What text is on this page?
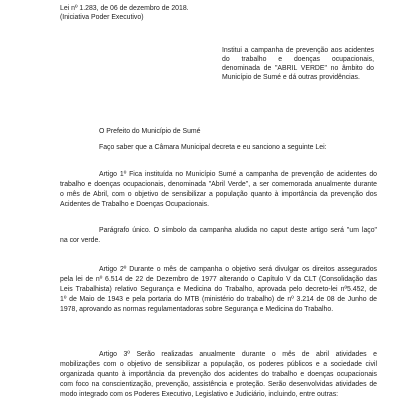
Lei nº 1.283, de 06 de dezembro de 2018.
(Iniciativa Poder Executivo)
Institui a campanha de prevenção aos acidentes
do trabalho e doenças ocupacionais,
denominada de "ABRIL VERDE" no âmbito do
Município de Sumé e dá outras providências.
O Prefeito do Município de Sumé
Faço saber que a Câmara Municipal decreta e eu sanciono a seguinte Lei:
Artigo 1º Fica instituída no Município Sumé a campanha de prevenção de acidentes do
trabalho e doenças ocupacionais, denominada "Abril Verde", a ser comemorada anualmente durante
o mês de Abril, com o objetivo de sensibilizar a população quanto à importância da prevenção dos
Acidentes de Trabalho e Doenças Ocupacionais.
Parágrafo único. O símbolo da campanha aludida no caput deste artigo será "um laço"
na cor verde.
Artigo 2º Durante o mês de campanha o objetivo será divulgar os direitos assegurados
pela lei de nº 6.514 de 22 de Dezembro de 1977 alterando o Capítulo V da CLT (Consolidação das
Leis Trabalhista) relativo Segurança e Medicina do Trabalho, aprovada pelo decreto-lei nº5.452, de
1º de Maio de 1943 e pela portaria do MTB (ministério do trabalho) de nº 3.214 de 08 de Junho de
1978, aprovando as normas regulamentadoras sobre Segurança e Medicina do Trabalho.
Artigo 3º Serão realizadas anualmente durante o mês de abril atividades e
mobilizações com o objetivo de sensibilizar a população, os poderes públicos e a sociedade civil
organizada quanto à importância da prevenção dos acidentes do trabalho e doenças ocupacionais
com foco na conscientização, prevenção, assistência e proteção. Serão desenvolvidas atividades de
modo integrado com os Poderes Executivo, Legislativo e Judiciário, incluindo, entre outras:
